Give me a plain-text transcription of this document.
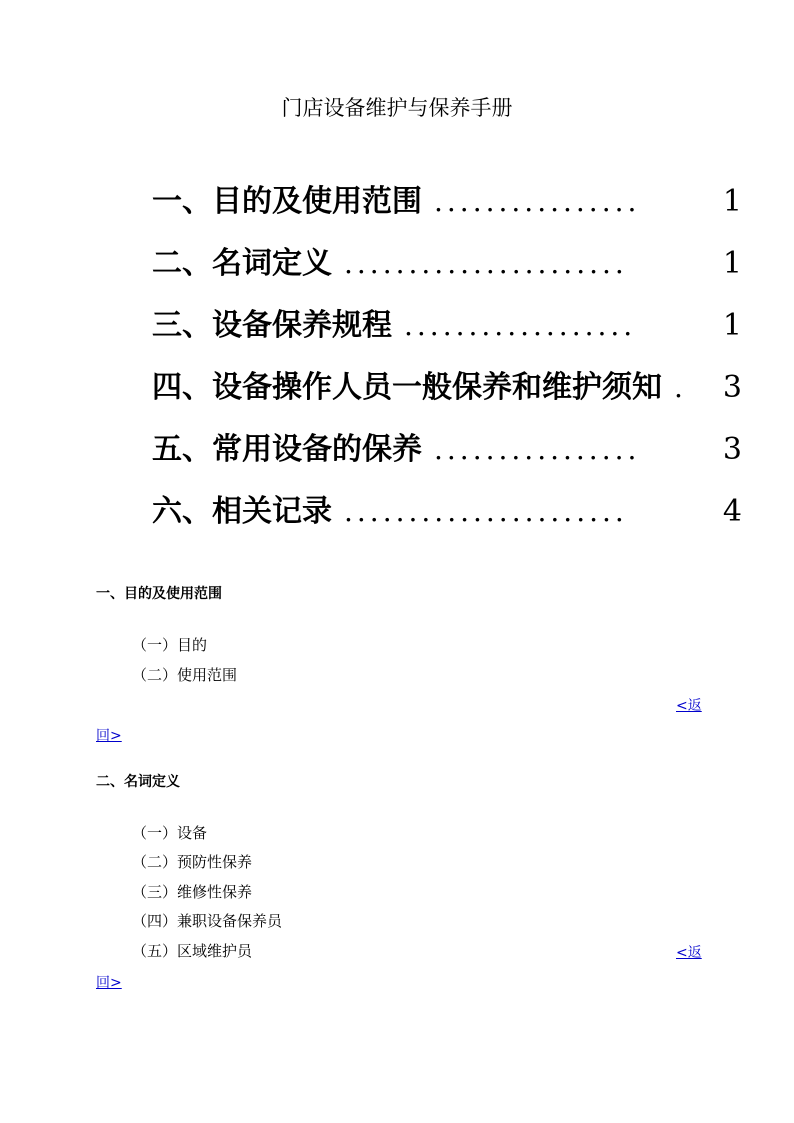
门店设备维护与保养手册
一、目的及使用范围 ................	1
二、名词定义 ......................	1
三、设备保养规程 ..................	1
四、设备操作人员一般保养和维护须知 .	3
五、常用设备的保养 ................	3
六、相关记录 ......................	4
一、目的及使用范围
（一）目的
（二）使用范围
<返
回>
二、名词定义
（一）设备
（二）预防性保养
（三）维修性保养
（四）兼职设备保养员
（五）区域维护员	<返
回>
